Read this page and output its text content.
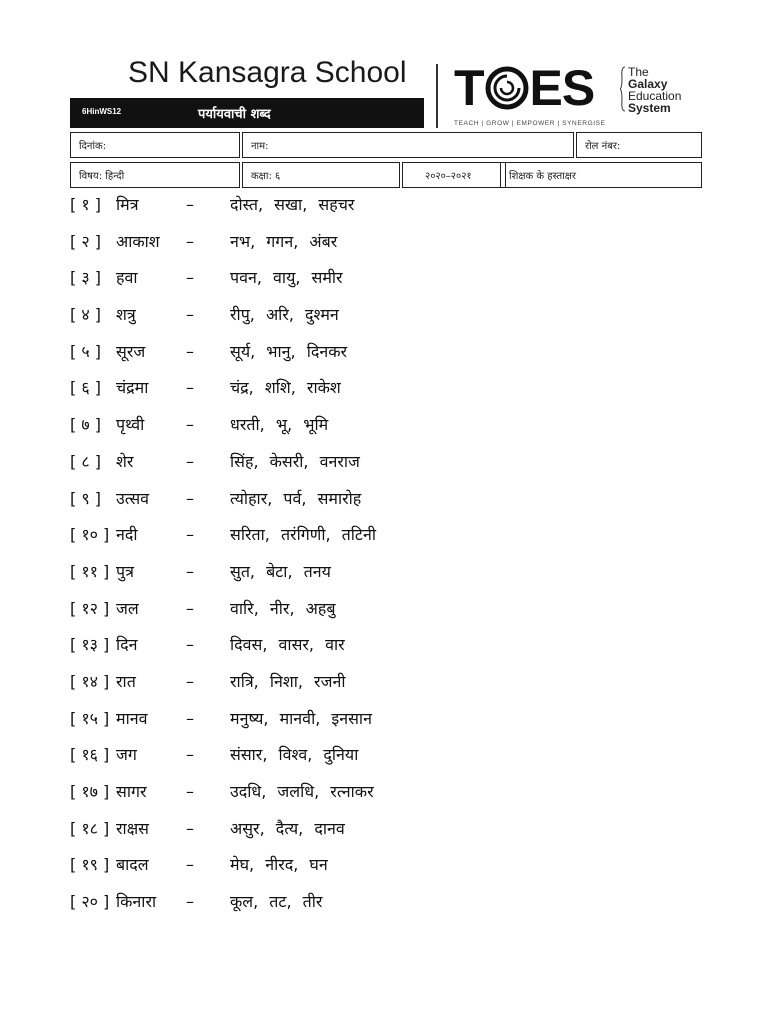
SN Kansagra School
6HinWS12	पर्यायवाची शब्द	T ES	The
Galaxy
Education
System
TEACH | GROW | EMPOWER | SYNERGISE
दिनांक:	नाम:	रोल नंबर:
विषय: हिन्दी	कक्षा: ६	२०२०–२०२१	शिक्षक के हस्ताक्षर
[ १ ] मित्र	– दोस्त, सखा, सहचर
[ २ ] आकाश – नभ, गगन, अंबर
[ ३ ] हवा	– पवन, वायु, समीर
[ ४ ] शत्रु	– रीपु, अरि, दुश्मन
[ ५ ] सूरज	– सूर्य, भानु, दिनकर
[ ६ ] चंद्रमा – चंद्र, शशि, राकेश
[ ७ ] पृथ्वी	– धरती, भू, भूमि
[ ८ ] शेर	– सिंह, केसरी, वनराज
[ ९ ] उत्सव – त्योहार, पर्व, समारोह
[ १० ] नदी	– सरिता, तरंगिणी, तटिनी
[ ११ ] पुत्र	– सुत, बेटा, तनय
[ १२ ] जल	– वारि, नीर, अहबु
[ १३ ] दिन	– दिवस, वासर, वार
[ १४ ] रात	– रात्रि, निशा, रजनी
[ १५ ] मानव – मनुष्य, मानवी, इनसान
[ १६ ] जग	– संसार, विश्व, दुनिया
[ १७ ] सागर – उदधि, जलधि, रत्नाकर
[ १८ ] राक्षस – असुर, दैत्य, दानव
[ १९ ] बादल – मेघ, नीरद, घन
[ २० ] किनारा – कूल, तट, तीर
